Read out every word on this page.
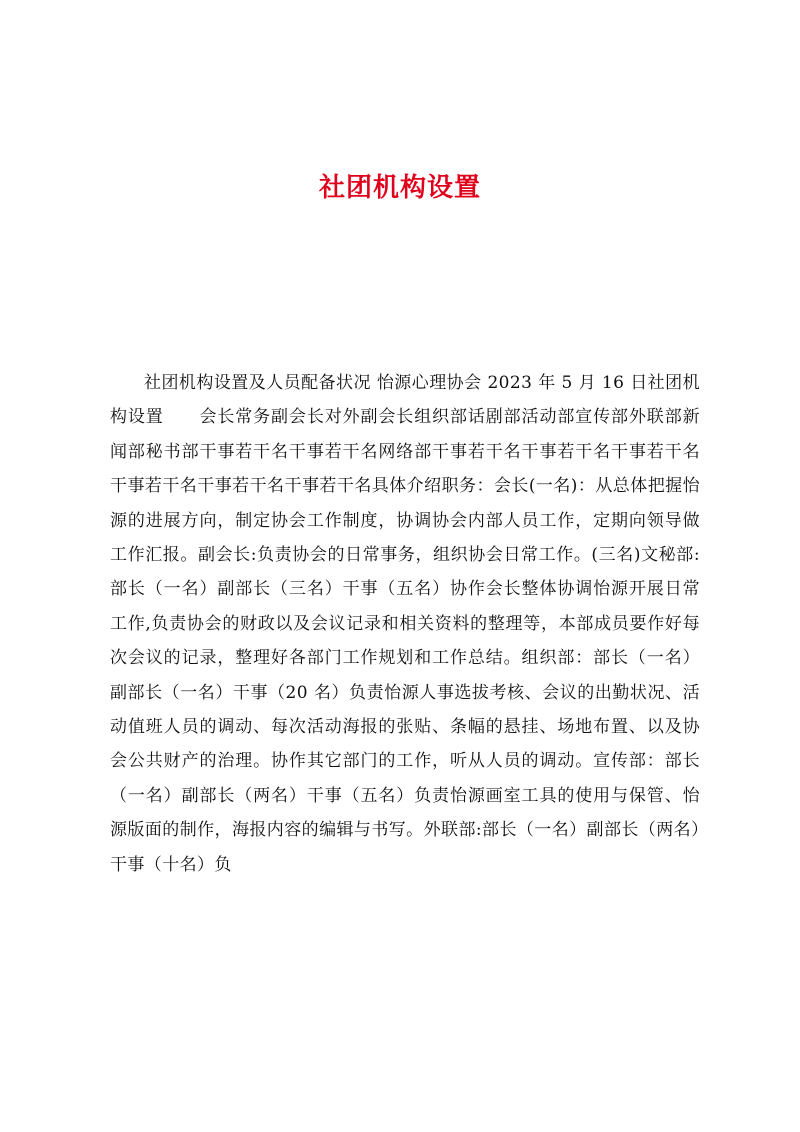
社团机构设置

社团机构设置及人员配备状况 怡源心理协会 2023 年 5 月 16 日社团机构设置　　会长常务副会长对外副会长组织部话剧部活动部宣传部外联部新闻部秘书部干事若干名干事若干名网络部干事若干名干事若干名干事若干名干事若干名干事若干名干事若干名具体介绍职务：会长(一名)：从总体把握怡源的进展方向，制定协会工作制度，协调协会内部人员工作，定期向领导做工作汇报。副会长:负责协会的日常事务，组织协会日常工作。(三名)文秘部:部长（一名）副部长（三名）干事（五名）协作会长整体协调怡源开展日常工作,负责协会的财政以及会议记录和相关资料的整理等，本部成员要作好每次会议的记录，整理好各部门工作规划和工作总结。组织部：部长（一名）副部长（一名）干事（20 名）负责怡源人事选拔考核、会议的出勤状况、活动值班人员的调动、每次活动海报的张贴、条幅的悬挂、场地布置、以及协会公共财产的治理。协作其它部门的工作，听从人员的调动。宣传部：部长（一名）副部长（两名）干事（五名）负责怡源画室工具的使用与保管、怡源版面的制作，海报内容的编辑与书写。外联部:部长（一名）副部长（两名）干事（十名）负
